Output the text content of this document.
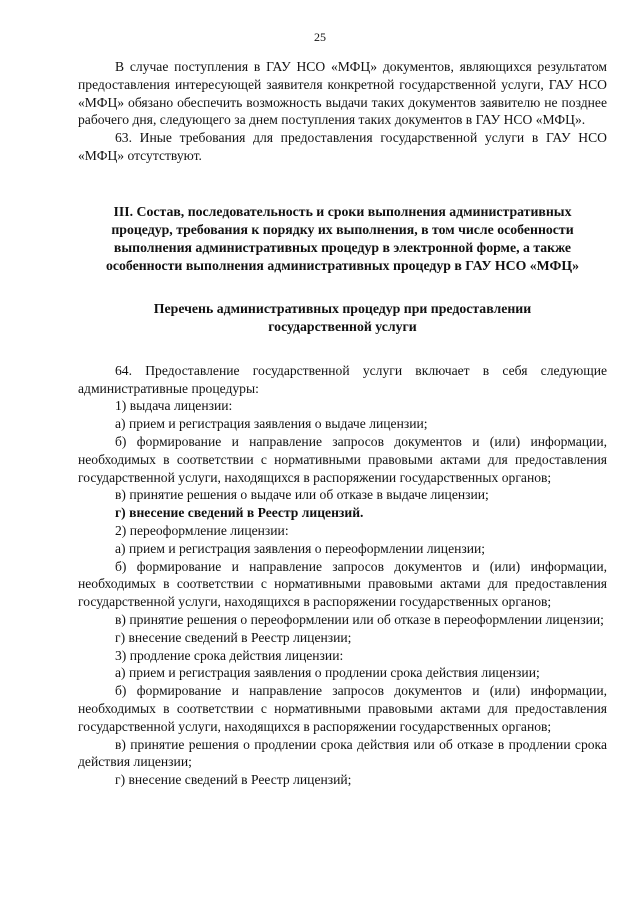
25

В случае поступления в ГАУ НСО «МФЦ» документов, являющихся результатом предоставления интересующей заявителя конкретной государственной услуги, ГАУ НСО «МФЦ» обязано обеспечить возможность выдачи таких документов заявителю не позднее рабочего дня, следующего за днем поступления таких документов в ГАУ НСО «МФЦ».

63. Иные требования для предоставления государственной услуги в ГАУ НСО «МФЦ» отсутствуют.

III. Состав, последовательность и сроки выполнения административных процедур, требования к порядку их выполнения, в том числе особенности выполнения административных процедур в электронной форме, а также особенности выполнения административных процедур в ГАУ НСО «МФЦ»
Перечень административных процедур при предоставлении государственной услуги

64. Предоставление государственной услуги включает в себя следующие административные процедуры:

1) выдача лицензии:

а) прием и регистрация заявления о выдаче лицензии;

б) формирование и направление запросов документов и (или) информации, необходимых в соответствии с нормативными правовыми актами для предоставления государственной услуги, находящихся в распоряжении государственных органов;

в) принятие решения о выдаче или об отказе в выдаче лицензии;

г) внесение сведений в Реестр лицензий.

2) переоформление лицензии:

а) прием и регистрация заявления о переоформлении лицензии;

б) формирование и направление запросов документов и (или) информации, необходимых в соответствии с нормативными правовыми актами для предоставления государственной услуги, находящихся в распоряжении государственных органов;

в) принятие решения о переоформлении или об отказе в переоформлении лицензии;

г) внесение сведений в Реестр лицензии;

3) продление срока действия лицензии:

а) прием и регистрация заявления о продлении срока действия лицензии;

б) формирование и направление запросов документов и (или) информации, необходимых в соответствии с нормативными правовыми актами для предоставления государственной услуги, находящихся в распоряжении государственных органов;

в) принятие решения о продлении срока действия или об отказе в продлении срока действия лицензии;

г) внесение сведений в Реестр лицензий;
